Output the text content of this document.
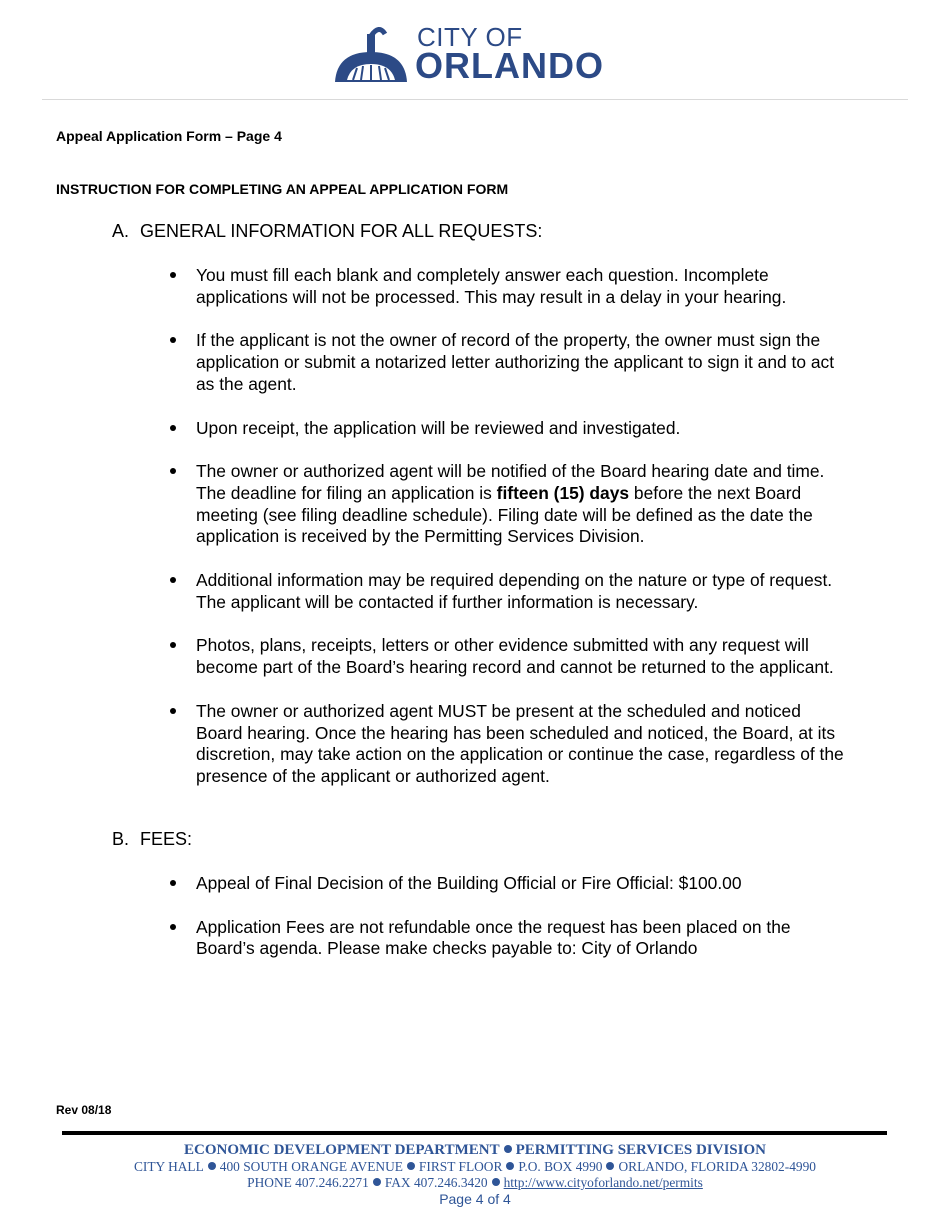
CITY OF
ORLANDO
Appeal Application Form – Page 4
INSTRUCTION FOR COMPLETING AN APPEAL APPLICATION FORM
A. GENERAL INFORMATION FOR ALL REQUESTS:
You must fill each blank and completely answer each question. Incomplete applications will not be processed. This may result in a delay in your hearing.
If the applicant is not the owner of record of the property, the owner must sign the application or submit a notarized letter authorizing the applicant to sign it and to act as the agent.
Upon receipt, the application will be reviewed and investigated.
The owner or authorized agent will be notified of the Board hearing date and time. The deadline for filing an application is fifteen (15) days before the next Board meeting (see filing deadline schedule). Filing date will be defined as the date the application is received by the Permitting Services Division.
Additional information may be required depending on the nature or type of request. The applicant will be contacted if further information is necessary.
Photos, plans, receipts, letters or other evidence submitted with any request will become part of the Board’s hearing record and cannot be returned to the applicant.
The owner or authorized agent MUST be present at the scheduled and noticed Board hearing. Once the hearing has been scheduled and noticed, the Board, at its discretion, may take action on the application or continue the case, regardless of the presence of the applicant or authorized agent.
B. FEES:
Appeal of Final Decision of the Building Official or Fire Official: $100.00
Application Fees are not refundable once the request has been placed on the Board’s agenda. Please make checks payable to: City of Orlando
Rev 08/18
ECONOMIC DEVELOPMENT DEPARTMENT PERMITTING SERVICES DIVISION
CITY HALL 400 SOUTH ORANGE AVENUE FIRST FLOOR P.O. BOX 4990 ORLANDO, FLORIDA 32802-4990
PHONE 407.246.2271 FAX 407.246.3420 http://www.cityoforlando.net/permits
Page 4 of 4
